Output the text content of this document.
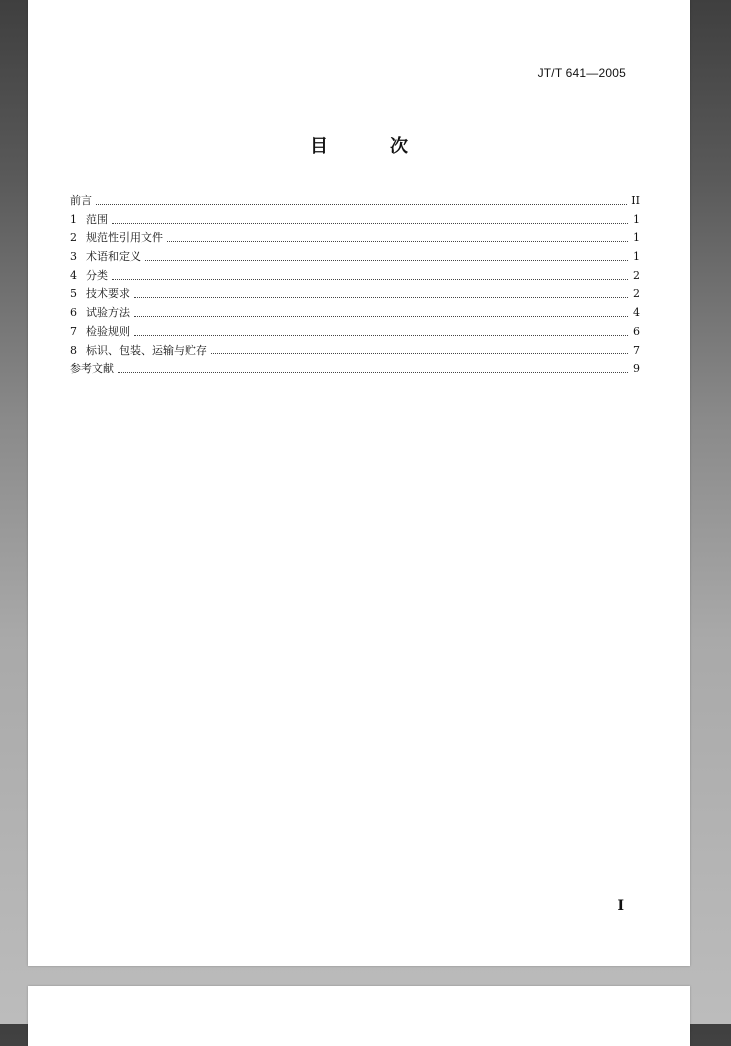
JT/T 641—2005
目　次
前言	II
1 范围	1
2 规范性引用文件	1
3 术语和定义	1
4 分类	2
5 技术要求	2
6 试验方法	4
7 检验规则	6
8 标识、包装、运输与贮存	7
参考文献	9
I
